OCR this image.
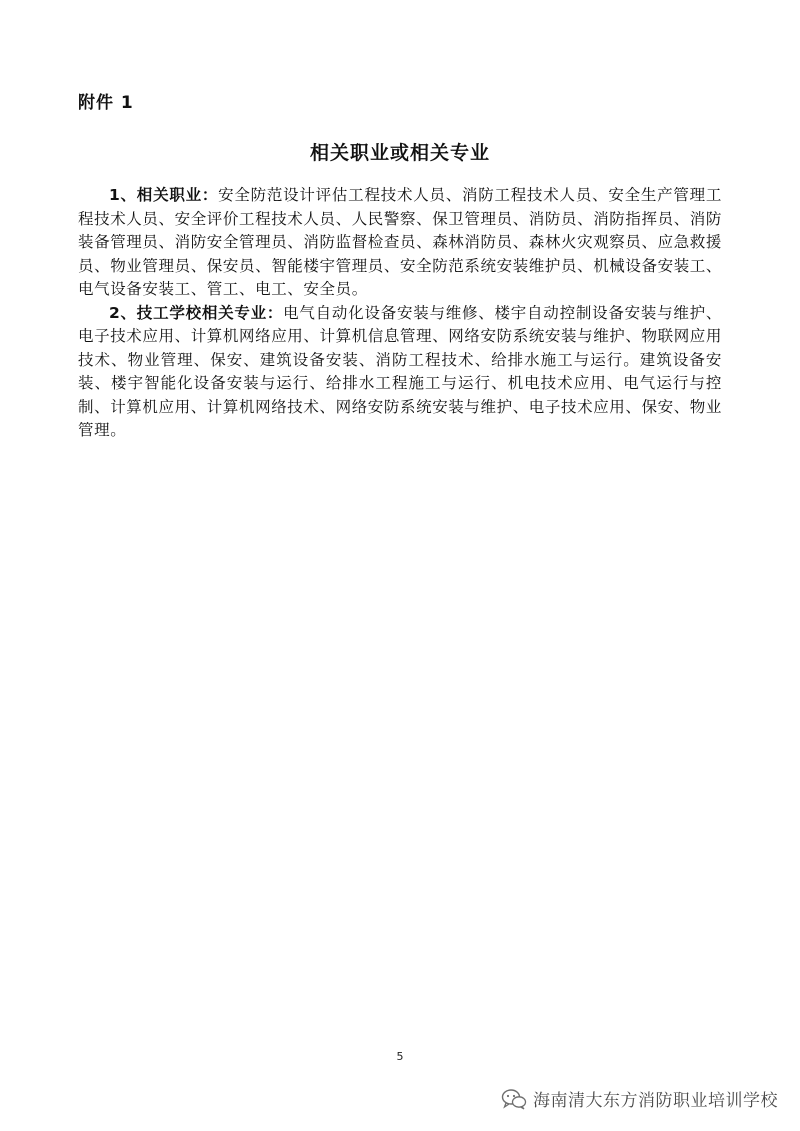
附件 1
相关职业或相关专业

1、相关职业：安全防范设计评估工程技术人员、消防工程技术人员、安全生产管理工程技术人员、安全评价工程技术人员、人民警察、保卫管理员、消防员、消防指挥员、消防装备管理员、消防安全管理员、消防监督检查员、森林消防员、森林火灾观察员、应急救援员、物业管理员、保安员、智能楼宇管理员、安全防范系统安装维护员、机械设备安装工、电气设备安装工、管工、电工、安全员。

2、技工学校相关专业：电气自动化设备安装与维修、楼宇自动控制设备安装与维护、电子技术应用、计算机网络应用、计算机信息管理、网络安防系统安装与维护、物联网应用技术、物业管理、保安、建筑设备安装、消防工程技术、给排水施工与运行。建筑设备安装、楼宇智能化设备安装与运行、给排水工程施工与运行、机电技术应用、电气运行与控制、计算机应用、计算机网络技术、网络安防系统安装与维护、电子技术应用、保安、物业管理。

5
海南清大东方消防职业培训学校
